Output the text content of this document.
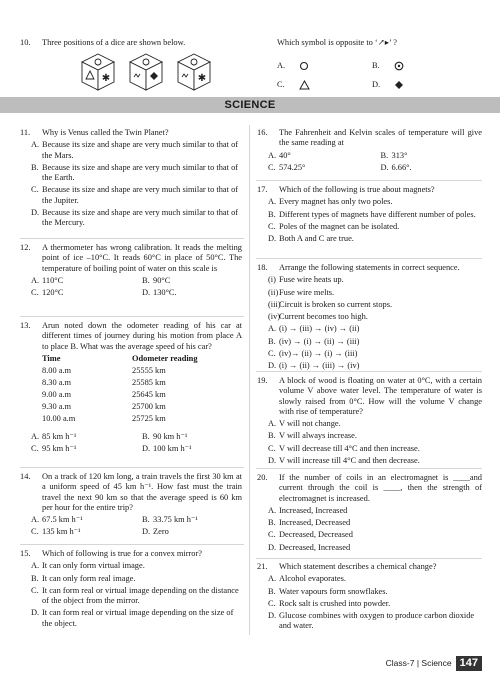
10.	Three positions of a dice are shown below.
✱	✱
Which symbol is opposite to ‘↗▸’ ?
A.	B.
C.	D.
SCIENCE
11.	Why is Venus called the Twin Planet?
A. Because its size and shape are very much similar to that of the Mars.
B. Because its size and shape are very much similar to that of the Earth.
C. Because its size and shape are very much similar to that of the Jupiter.
D. Because its size and shape are very much similar to that of the Mercury.
12.	A thermometer has wrong calibration. It reads the melting point of ice –10°C. It reads 60°C in place of 50°C. The temperature of boiling point of water on this scale is
A. 110°C	B. 90°C
C. 120°C	D. 130°C.
13.	Arun noted down the odometer reading of his car at different times of journey during his motion from place A to place B. What was the average speed of his car?
Time	Odometer reading
8.00 a.m	25555 km
8.30 a.m	25585 km
9.00 a.m	25645 km
9.30 a.m	25700 km
10.00 a.m	25725 km
A. 85 km h⁻¹	B. 90 km h⁻¹
C. 95 km h⁻¹	D. 100 km h⁻¹
14.	On a track of 120 km long, a train travels the first 30 km at a uniform speed of 45 km h⁻¹. How fast must the train travel the next 90 km so that the average speed is 60 km per hour for the entire trip?
A. 67.5 km h⁻¹	B. 33.75 km h⁻¹
C. 135 km h⁻¹	D. Zero
15.	Which of following is true for a convex mirror?
A. It can only form virtual image.
B. It can only form real image.
C. It can form real or virtual image depending on the distance of the object from the mirror.
D. It can form real or virtual image depending on the size of the object.
16.	The Fahrenheit and Kelvin scales of temperature will give the same reading at
A. 40°	B. 313°
C. 574.25°	D. 6.66°.
17.	Which of the following is true about magnets?
A. Every magnet has only two poles.
B. Different types of magnets have different number of poles.
C. Poles of the magnet can be isolated.
D. Both A and C are true.
18.	Arrange the following statements in correct sequence.
(i) Fuse wire heats up.
(ii) Fuse wire melts.
(iii)
Circuit is broken so current stops.
(iv)
Current becomes too high.
A. (i) → (iii) → (iv) → (ii)
B. (iv) → (i) → (ii) → (iii)
C. (iv)→ (ii) → (i) → (iii)
D. (i) → (ii) → (iii) → (iv)
19.	A block of wood is floating on water at 0°C, with a certain volume V above water level. The temperature of water is slowly raised from 0°C. How will the volume V change with rise of temperature?
A. V will not change.
B. V will always increase.
C. V will decrease till 4°C and then increase.
D. V will increase till 4°C and then decrease.
20.	If the number of coils in an electromagnet is ____and current through the coil is ____, then the strength of electromagnet is increased.
A. Increased, Increased
B. Increased, Decreased
C. Decreased, Decreased
D. Decreased, Increased
21.	Which statement describes a chemical change?
A. Alcohol evaporates.
B. Water vapours form snowflakes.
C. Rock salt is crushed into powder.
D. Glucose combines with oxygen to produce carbon dioxide and water.
Class-7 | Science 147
